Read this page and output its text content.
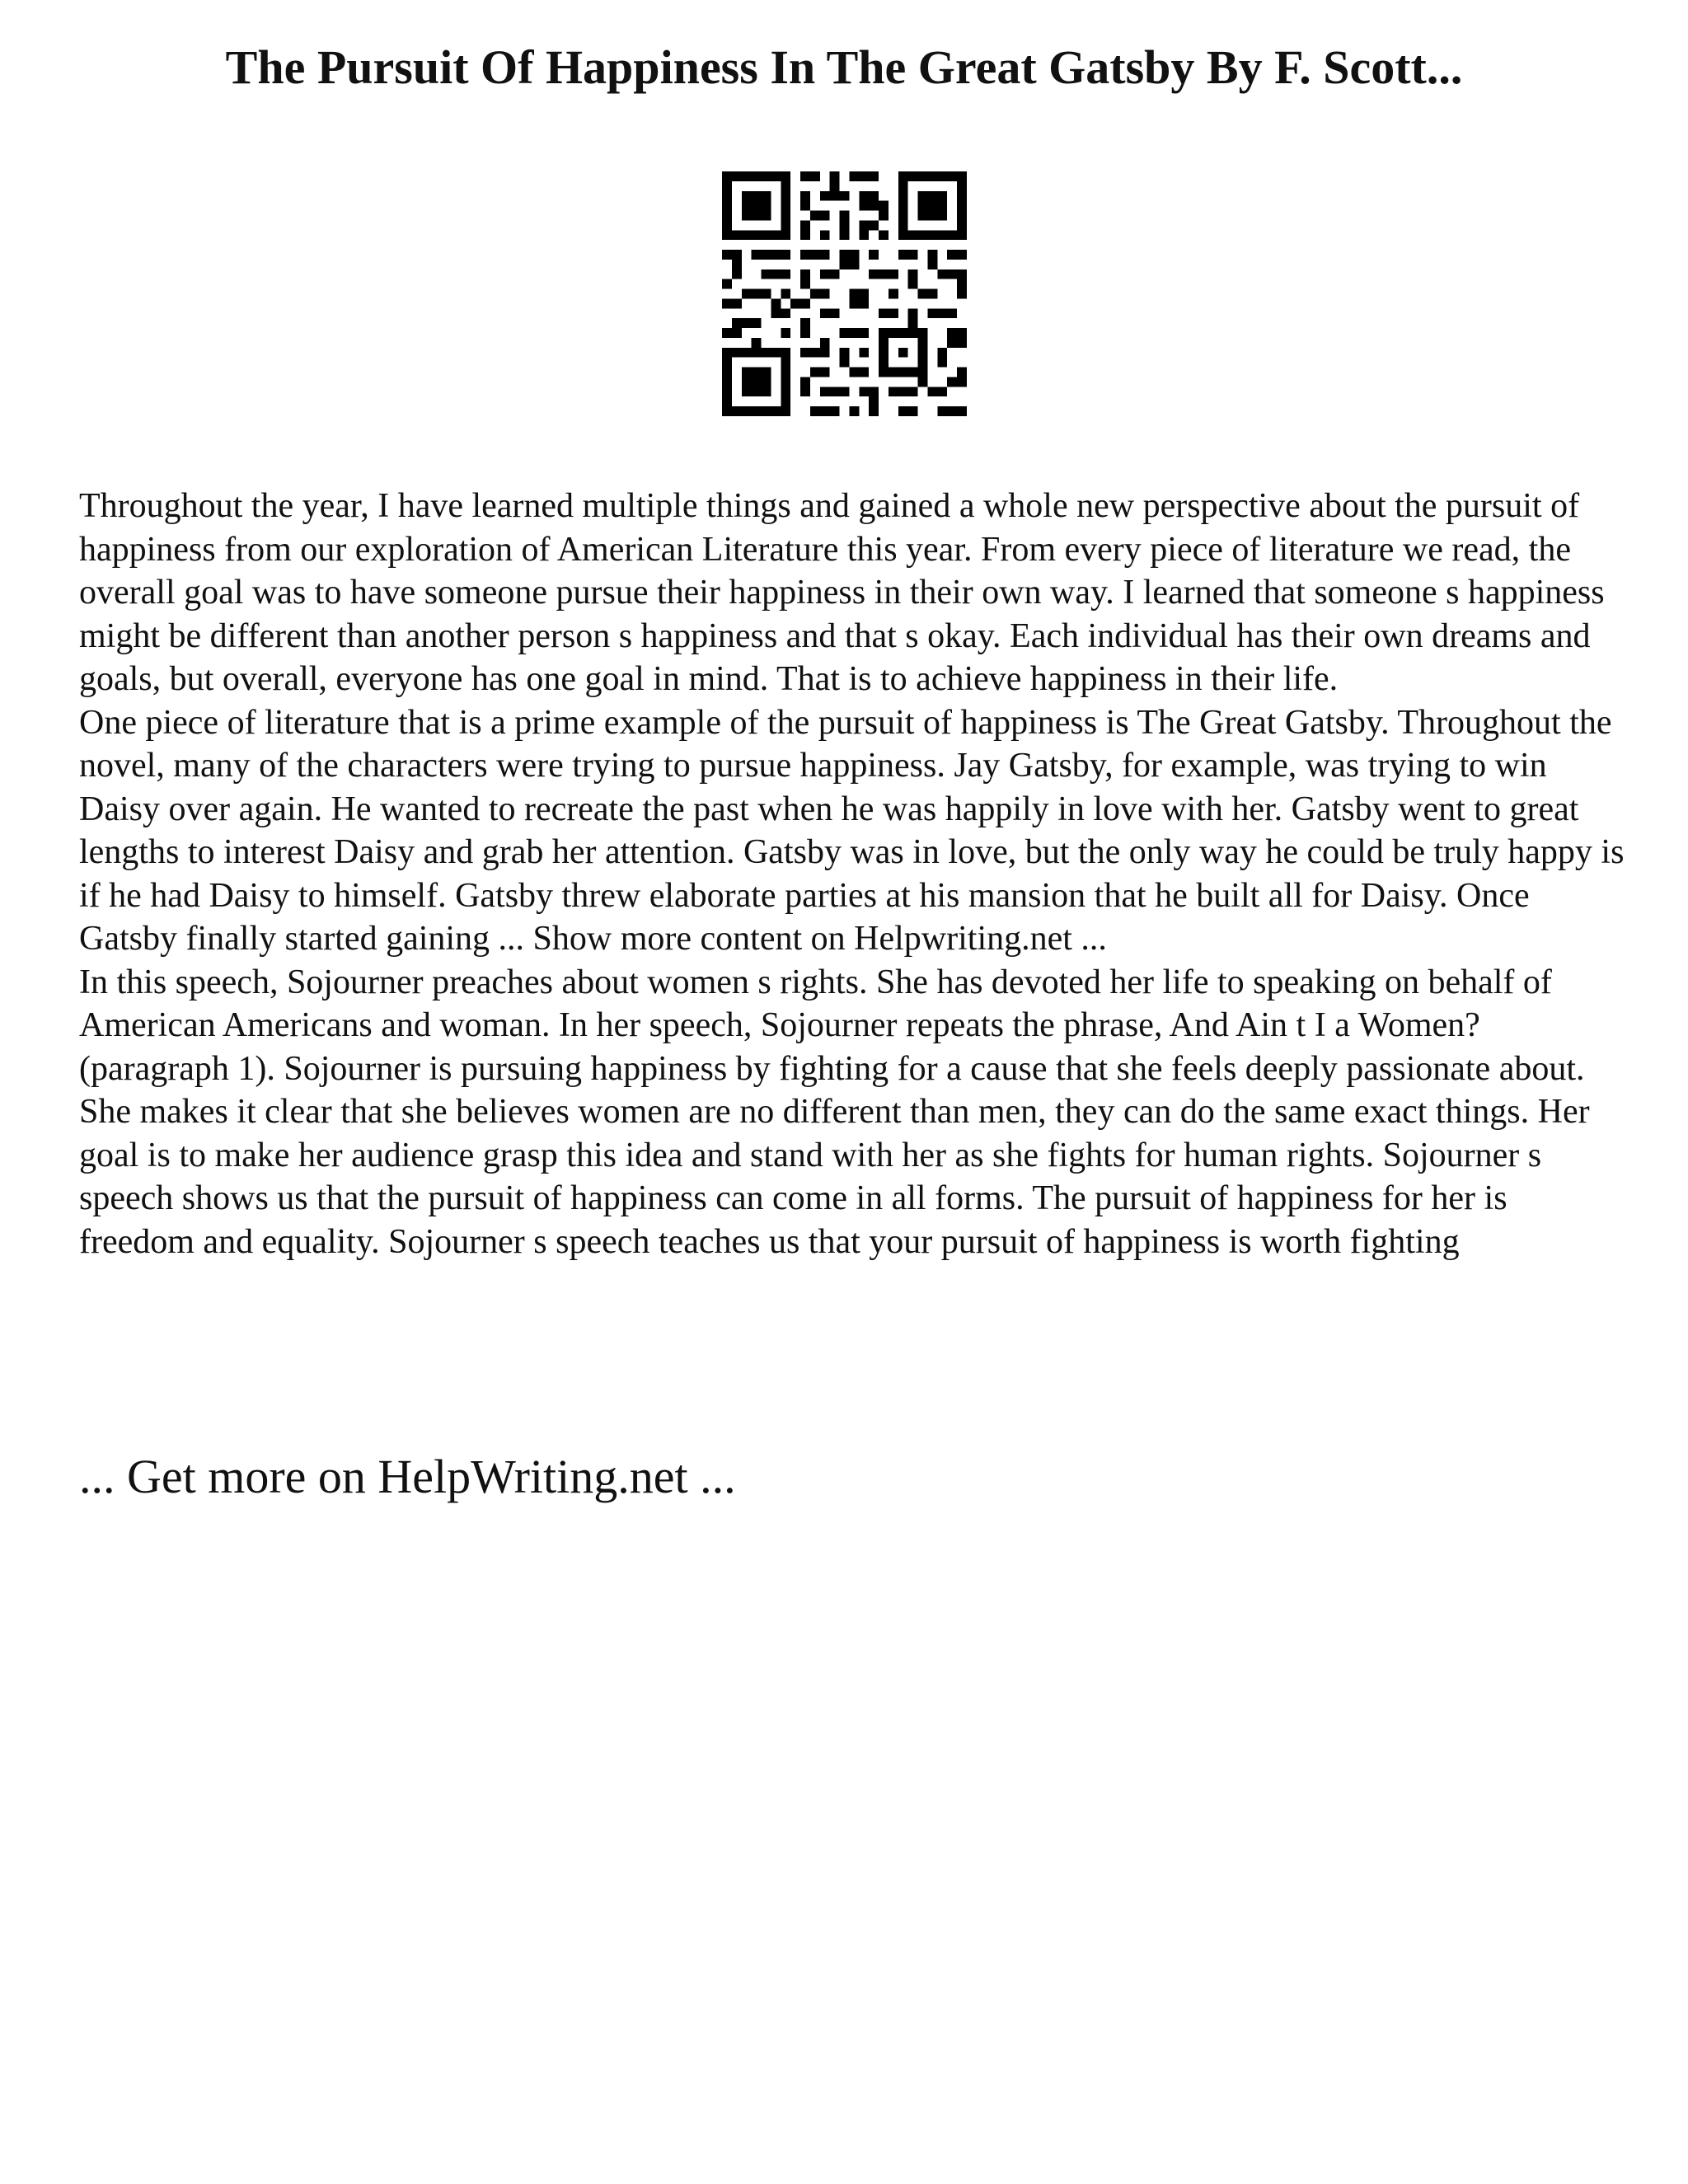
The Pursuit Of Happiness In The Great Gatsby By F. Scott...

Throughout the year, I have learned multiple things and gained a whole new perspective about the pursuit of happiness from our exploration of American Literature this year. From every piece of literature we read, the overall goal was to have someone pursue their happiness in their own way. I learned that someone s happiness might be different than another person s happiness and that s okay. Each individual has their own dreams and goals, but overall, everyone has one goal in mind. That is to achieve happiness in their life.

One piece of literature that is a prime example of the pursuit of happiness is The Great Gatsby. Throughout the novel, many of the characters were trying to pursue happiness. Jay Gatsby, for example, was trying to win Daisy over again. He wanted to recreate the past when he was happily in love with her. Gatsby went to great lengths to interest Daisy and grab her attention. Gatsby was in love, but the only way he could be truly happy is if he had Daisy to himself. Gatsby threw elaborate parties at his mansion that he built all for Daisy. Once Gatsby finally started gaining ... Show more content on Helpwriting.net ...

In this speech, Sojourner preaches about women s rights. She has devoted her life to speaking on behalf of American Americans and woman. In her speech, Sojourner repeats the phrase, And Ain t I a Women? (paragraph 1). Sojourner is pursuing happiness by fighting for a cause that she feels deeply passionate about. She makes it clear that she believes women are no different than men, they can do the same exact things. Her goal is to make her audience grasp this idea and stand with her as she fights for human rights. Sojourner s speech shows us that the pursuit of happiness can come in all forms. The pursuit of happiness for her is freedom and equality. Sojourner s speech teaches us that your pursuit of happiness is worth fighting

... Get more on HelpWriting.net ...
